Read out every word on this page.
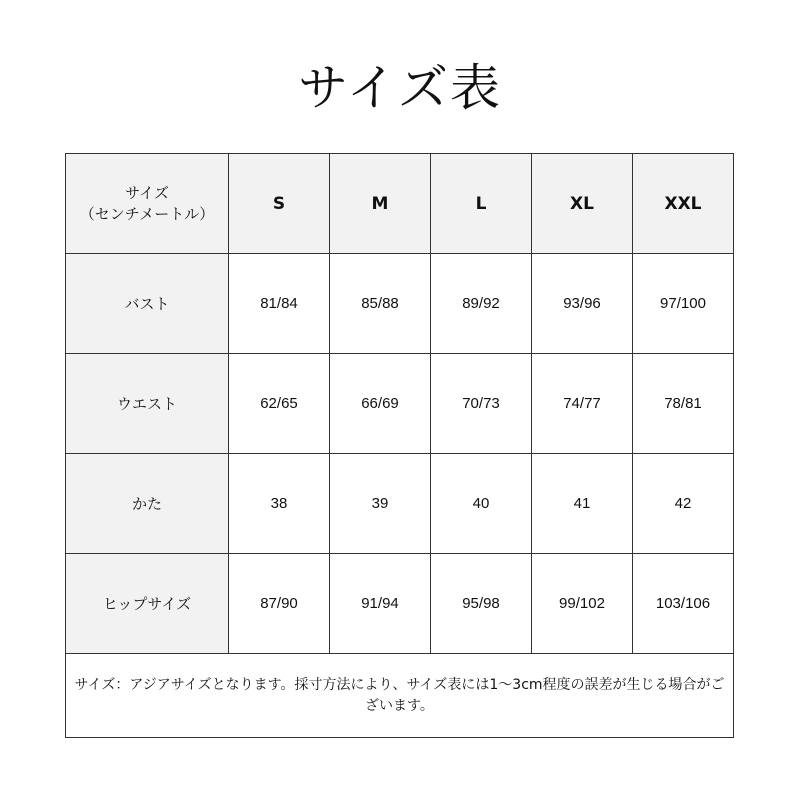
サイズ表
サイズ
（センチメートル）	S	M	L	XL	XXL
バスト	81/84	85/88	89/92	93/96	97/100
ウエスト	62/65	66/69	70/73	74/77	78/81
かた	38	39	40	41	42
ヒップサイズ	87/90	91/94	95/98	99/102	103/106
サイズ：アジアサイズとなります。採寸方法により、サイズ表には1～3cm程度の誤差が生じる場合がございます。					
